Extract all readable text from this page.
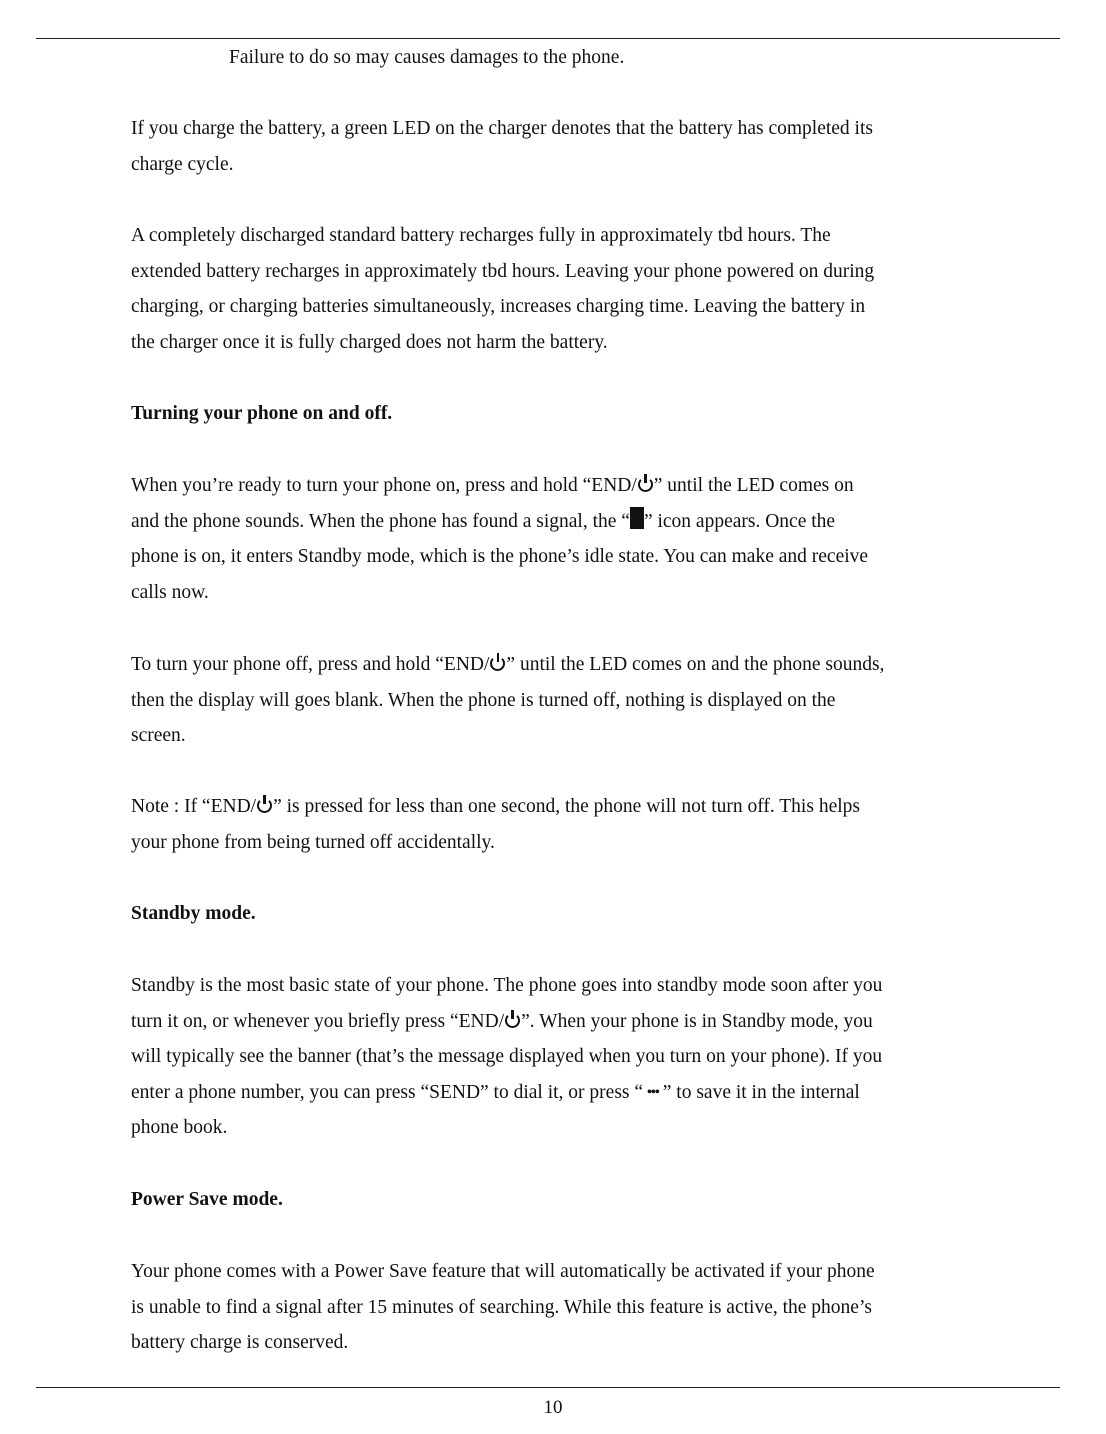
Failure to do so may causes damages to the phone.

If you charge the battery, a green LED on the charger denotes that the battery has completed its
charge cycle.

A completely discharged standard battery recharges fully in approximately tbd hours. The
extended battery recharges in approximately tbd hours. Leaving your phone powered on during
charging, or charging batteries simultaneously, increases charging time. Leaving the battery in
the charger once it is fully charged does not harm the battery.

Turning your phone on and off.

When you’re ready to turn your phone on, press and hold “END/ ” until the LED comes on
and the phone sounds. When the phone has found a signal, the “ ” icon appears. Once the
phone is on, it enters Standby mode, which is the phone’s idle state. You can make and receive
calls now.

To turn your phone off, press and hold “END/ ” until the LED comes on and the phone sounds,
then the display will goes blank. When the phone is turned off, nothing is displayed on the
screen.

Note : If “END/ ” is pressed for less than one second, the phone will not turn off. This helps
your phone from being turned off accidentally.

Standby mode.

Standby is the most basic state of your phone. The phone goes into standby mode soon after you
turn it on, or whenever you briefly press “END/ ”. When your phone is in Standby mode, you
will typically see the banner (that’s the message displayed when you turn on your phone). If you
enter a phone number, you can press “SEND” to dial it, or press “ ••• ” to save it in the internal
phone book.

Power Save mode.

Your phone comes with a Power Save feature that will automatically be activated if your phone
is unable to find a signal after 15 minutes of searching. While this feature is active, the phone’s
battery charge is conserved.

10
